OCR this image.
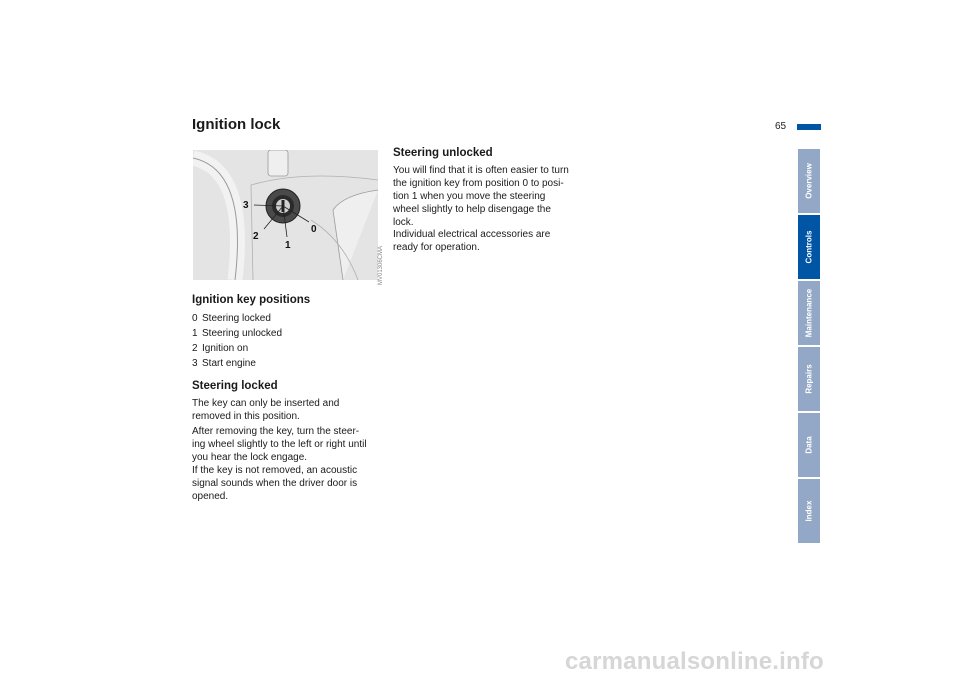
Ignition lock	65
3
2
1
0
MV01306CMA
Ignition key positions
0 Steering locked
1 Steering unlocked
2 Ignition on
3 Start engine
Steering locked

The key can only be inserted and
removed in this position.

After removing the key, turn the steer-
ing wheel slightly to the left or right until
you hear the lock engage.

If the key is not removed, an acoustic
signal sounds when the driver door is
opened.

Steering unlocked

You will find that it is often easier to turn
the ignition key from position 0 to posi-
tion 1 when you move the steering
wheel slightly to help disengage the
lock.

Individual electrical accessories are
ready for operation.

Overview
Controls
Maintenance
Repairs
Data
Index
carmanualsonline.info
